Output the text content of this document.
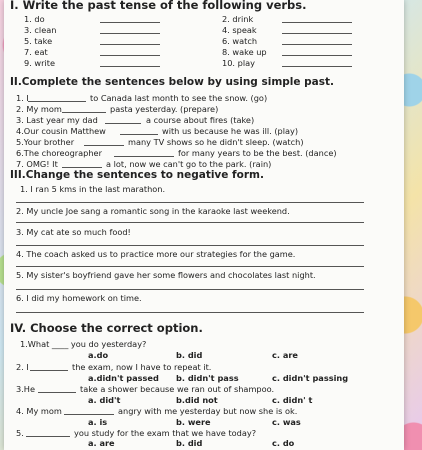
I. Write the past tense of the following verbs.
1. do	2. drink
3. clean	4. speak
5. take	6. watch
7. eat	8. wake up
9. write	10. play
II.Complete the sentences below by using simple past.
1. I	to Canada last month to see the snow. (go)
2. My mom	pasta yesterday. (prepare)
3. Last year my dad	a course about fires (take)
4.Our cousin Matthew	with us because he was ill. (play)
5.Your brother	many TV shows so he didn't sleep. (watch)
6.The choreographer	for many years to be the best. (dance)
7. OMG! It	a lot, now we can't go to the park. (rain)
III.Change the sentences to negative form.
1. I ran 5 kms in the last marathon.
2. My uncle Joe sang a romantic song in the karaoke last weekend.
3. My cat ate so much food!
4. The coach asked us to practice more our strategies for the game.
5. My sister's boyfriend gave her some flowers and chocolates last night.
6. I did my homework on time.
IV. Choose the correct option.
1.What ____ you do yesterday?
a.do	b. did	c. are
2. I	the exam, now I have to repeat it.
a.didn't passed b. didn't pass	c. didn't passing
3.He	take a shower because we ran out of shampoo.
a. did't	b.did not	c. didn' t
4. My mom	angry with me yesterday but now she is ok.
a. is	b. were	c. was
5.	you study for the exam that we have today?
a. are	b. did	c. do
